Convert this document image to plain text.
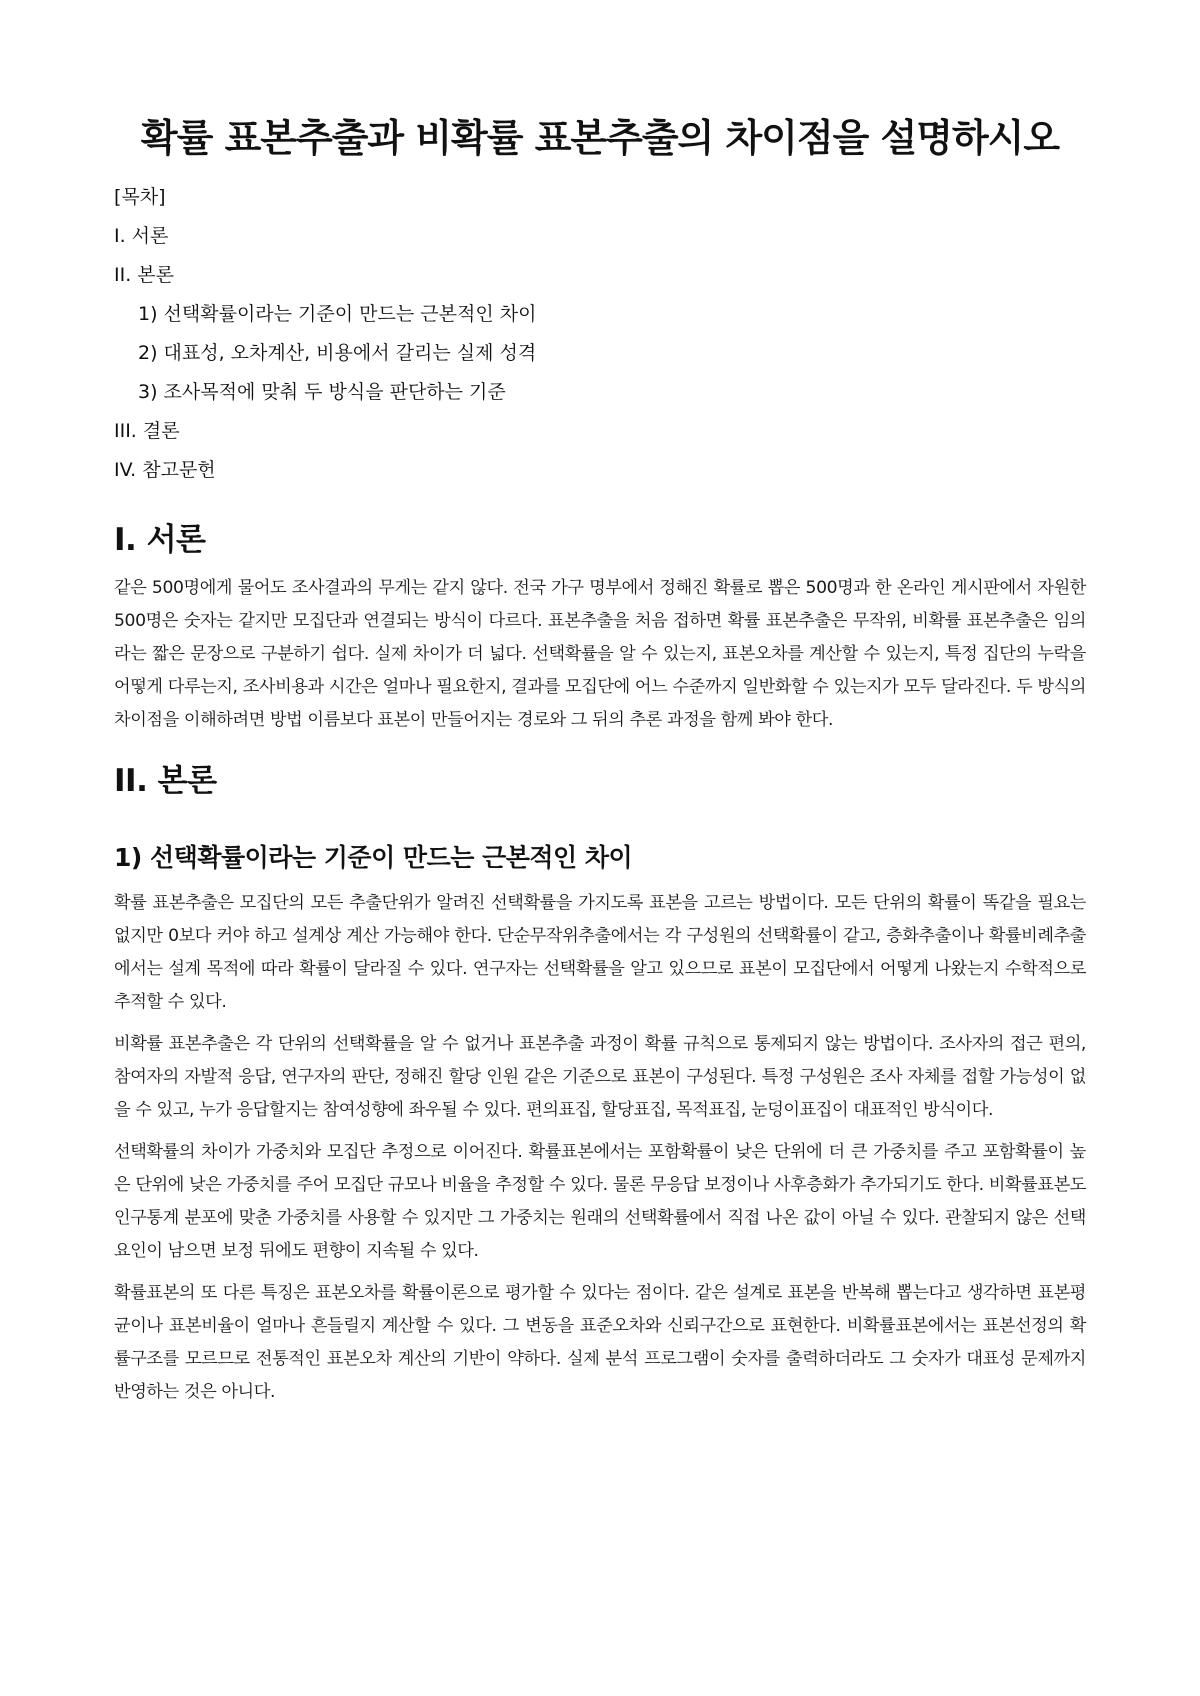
확률 표본추출과 비확률 표본추출의 차이점을 설명하시오
[목차]
I. 서론
II. 본론
1) 선택확률이라는 기준이 만드는 근본적인 차이
2) 대표성, 오차계산, 비용에서 갈리는 실제 성격
3) 조사목적에 맞춰 두 방식을 판단하는 기준
III. 결론
IV. 참고문헌
I. 서론

같은 500명에게 물어도 조사결과의 무게는 같지 않다. 전국 가구 명부에서 정해진 확률로 뽑은 500명과 한 온라인 게시판에서 자원한 500명은 숫자는 같지만 모집단과 연결되는 방식이 다르다. 표본추출을 처음 접하면 확률 표본추출은 무작위, 비확률 표본추출은 임의라는 짧은 문장으로 구분하기 쉽다. 실제 차이가 더 넓다. 선택확률을 알 수 있는지, 표본오차를 계산할 수 있는지, 특정 집단의 누락을 어떻게 다루는지, 조사비용과 시간은 얼마나 필요한지, 결과를 모집단에 어느 수준까지 일반화할 수 있는지가 모두 달라진다. 두 방식의 차이점을 이해하려면 방법 이름보다 표본이 만들어지는 경로와 그 뒤의 추론 과정을 함께 봐야 한다.

II. 본론
1) 선택확률이라는 기준이 만드는 근본적인 차이

확률 표본추출은 모집단의 모든 추출단위가 알려진 선택확률을 가지도록 표본을 고르는 방법이다. 모든 단위의 확률이 똑같을 필요는 없지만 0보다 커야 하고 설계상 계산 가능해야 한다. 단순무작위추출에서는 각 구성원의 선택확률이 같고, 층화추출이나 확률비례추출에서는 설계 목적에 따라 확률이 달라질 수 있다. 연구자는 선택확률을 알고 있으므로 표본이 모집단에서 어떻게 나왔는지 수학적으로 추적할 수 있다.

비확률 표본추출은 각 단위의 선택확률을 알 수 없거나 표본추출 과정이 확률 규칙으로 통제되지 않는 방법이다. 조사자의 접근 편의, 참여자의 자발적 응답, 연구자의 판단, 정해진 할당 인원 같은 기준으로 표본이 구성된다. 특정 구성원은 조사 자체를 접할 가능성이 없을 수 있고, 누가 응답할지는 참여성향에 좌우될 수 있다. 편의표집, 할당표집, 목적표집, 눈덩이표집이 대표적인 방식이다.

선택확률의 차이가 가중치와 모집단 추정으로 이어진다. 확률표본에서는 포함확률이 낮은 단위에 더 큰 가중치를 주고 포함확률이 높은 단위에 낮은 가중치를 주어 모집단 규모나 비율을 추정할 수 있다. 물론 무응답 보정이나 사후층화가 추가되기도 한다. 비확률표본도 인구통계 분포에 맞춘 가중치를 사용할 수 있지만 그 가중치는 원래의 선택확률에서 직접 나온 값이 아닐 수 있다. 관찰되지 않은 선택요인이 남으면 보정 뒤에도 편향이 지속될 수 있다.

확률표본의 또 다른 특징은 표본오차를 확률이론으로 평가할 수 있다는 점이다. 같은 설계로 표본을 반복해 뽑는다고 생각하면 표본평균이나 표본비율이 얼마나 흔들릴지 계산할 수 있다. 그 변동을 표준오차와 신뢰구간으로 표현한다. 비확률표본에서는 표본선정의 확률구조를 모르므로 전통적인 표본오차 계산의 기반이 약하다. 실제 분석 프로그램이 숫자를 출력하더라도 그 숫자가 대표성 문제까지 반영하는 것은 아니다.
